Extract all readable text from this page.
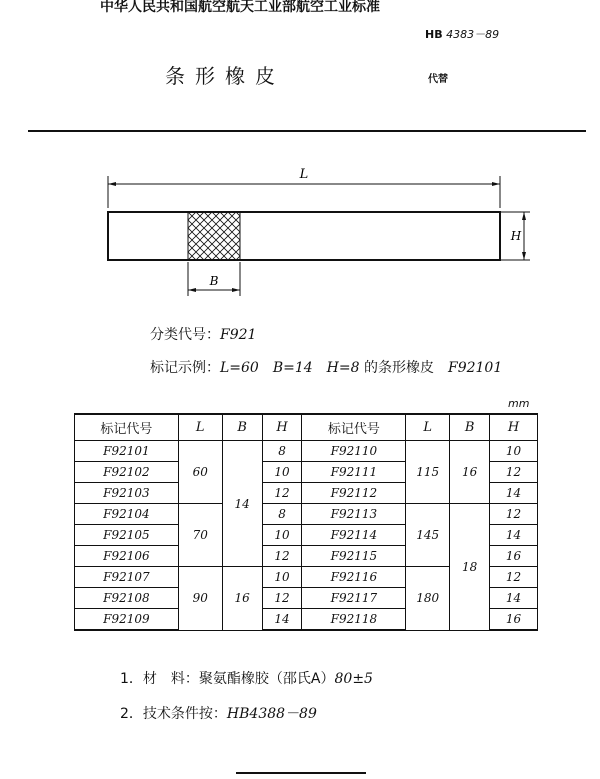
中华人民共和国航空航天工业部航空工业标准
HB 4383－89
条形橡皮	代替
L
H
B
分类代号：F921
标记示例：L=60　B=14　H=8 的条形橡皮　 F92101
mm
标记代号	L	B	H	标记代号	L	B	H
F92101	60	14	8	F92110	115	16	10
F92102			10	F92111			12
F92103			12	F92112			14
F92104	70		8	F92113	145	18	12
F92105			10	F92114			14
F92106			12	F92115			16
F92107	90	16	10	F92116	180		12
F92108			12	F92117			14
F92109			14	F92118			16
1．材　料：聚氨酯橡胶（邵氏A）80±5
2．技术条件按：HB4388－89
